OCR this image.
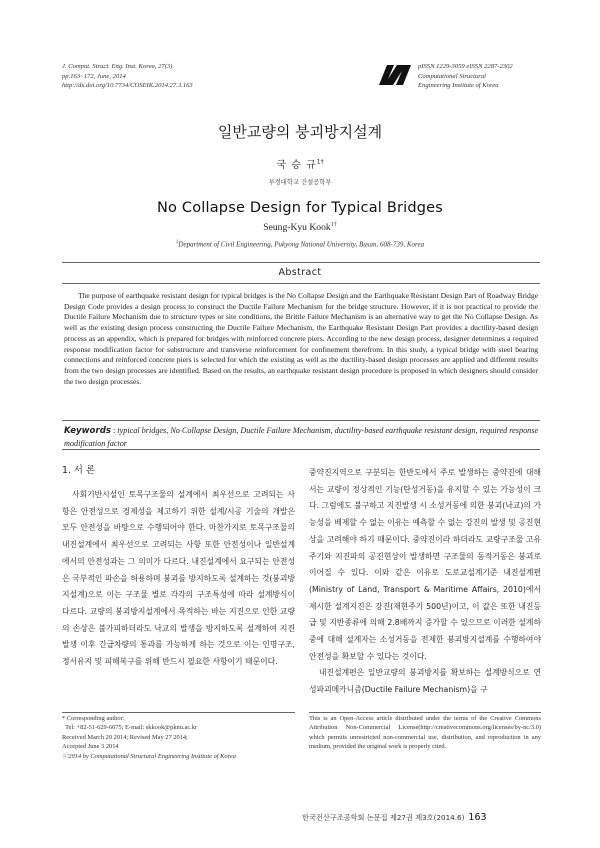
J. Comput. Struct. Eng. Inst. Korea, 27(3)
pp.163~172, June, 2014
http://dx.doi.org/10.7734/COSEIK.2014.27.3.163
pISSN 1229-3059 eISSN 2287-2302
Computational Structural
Engineering Institute of Korea
일반교량의 붕괴방지설계
국 승 규$^{1\dagger}$
부경대학교 건설공학부
No Collapse Design for Typical Bridges
Seung-Kyu Kook$^{1\dagger}$
$^1$Department of Civil Engineering, Pukyong National University, Busan, 608-739, Korea
Abstract
The purpose of earthquake resistant design for typical bridges is the No Collapse Design and the Earthquake Resistant Design Part of Roadway Bridge Design Code provides a design process to construct the Ductile Failure Mechanism for the bridge structure. However, if it is not practical to provide the Ductile Failure Mechanism due to structure types or site conditions, the Brittle Failure Mechanism is an alternative way to get the No Collapse Design. As well as the existing design process constructing the Ductile Failure Mechanism, the Earthquake Resistant Design Part provides a ductility-based design process as an appendix, which is prepared for bridges with reinforced concrete piers. According to the new design process, designer determines a required response modification factor for substructure and transverse reinforcement for confinement therefrom. In this study, a typical bridge with steel bearing connections and reinforced concrete piers is selected for which the existing as well as the ductility-based design processes are applied and different results from the two design processes are identified. Based on the results, an earthquake resistant design procedure is proposed in which designers should consider the two design processes.
Keywords : typical bridges, No Collapse Design, Ductile Failure Mechanism, ductility-based earthquake resistant design, required response modification factor
1. 서 론

사회기반시설인 토목구조물의 설계에서 최우선으로 고려되는 사항은 안전성으로 경제성을 제고하기 위한 설계/시공 기술의 개발은 모두 안전성을 바탕으로 수행되어야 한다. 마찬가지로 토목구조물의 내진설계에서 최우선으로 고려되는 사항 또한 안전성이나 일반설계에서의 안전성과는 그 의미가 다르다. 내진설계에서 요구되는 안전성은 국부적인 파손을 허용하며 붕괴를 방지하도록 설계하는 것(붕괴방지설계)으로 이는 구조물 별로 각각의 구조특성에 따라 설계방식이 다르다. 교량의 붕괴방지설계에서 목적하는 바는 지진으로 인한 교량의 손상은 불가피하더라도 낙교의 발생을 방지하도록 설계하여 지진발생 이후 긴급차량의 통과를 가능하게 하는 것으로 이는 인명구조, 정서유지 및 피해복구를 위해 반드시 필요한 사항이기 때문이다.

중약진지역으로 구분되는 한반도에서 주로 발생하는 중약진에 대해서는 교량이 정상적인 기능(탄성거동)을 유지할 수 있는 가능성이 크다. 그럼에도 불구하고 지진발생 시 소성거동에 의한 붕괴(낙교)의 가능성을 배제할 수 없는 이유는 예측할 수 없는 강진의 발생 및 공진현상을 고려해야 하기 때문이다. 중약진이라 하더라도 교량구조물 고유주기와 지진파의 공진현상이 발생하면 구조물의 동적거동은 붕괴로 이어질 수 있다. 이와 같은 이유로 도로교설계기준 내진설계편(Ministry of Land, Transport & Maritime Affairs, 2010)에서 제시한 설계지진은 강진(재현주기 500년)이고, 이 값은 또한 내진등급 및 지반종류에 의해 2.8배까지 증가할 수 있으므로 이러한 설계하중에 대해 설계자는 소성거동을 전제한 붕괴방지설계를 수행하여야 안전성을 확보할 수 있다는 것이다.

내진설계편은 일반교량의 붕괴방지를 확보하는 설계방식으로 연성파괴메카니즘(Ductile Failure Mechanism)을 구

* Corresponding author:
Tel: +82-51-629-6075; E-mail: skkook@pknu.ac.kr
Received March 20 2014; Revised May 27 2014;
Accepted June 3 2014
ⓒ2014 by Computational Structural Engineering Institute of Korea
This is an Open-Access article distributed under the terms of the Creative Commons Attribution Non-Commercial License(http://creativecommons.org/licenses/by-nc/3.0) which permits unrestricted non-commercial use, distribution, and reproduction in any medium, provided the original work is properly cited.
한국전산구조공학회 논문집 제27권 제3호(2014.6) 163
